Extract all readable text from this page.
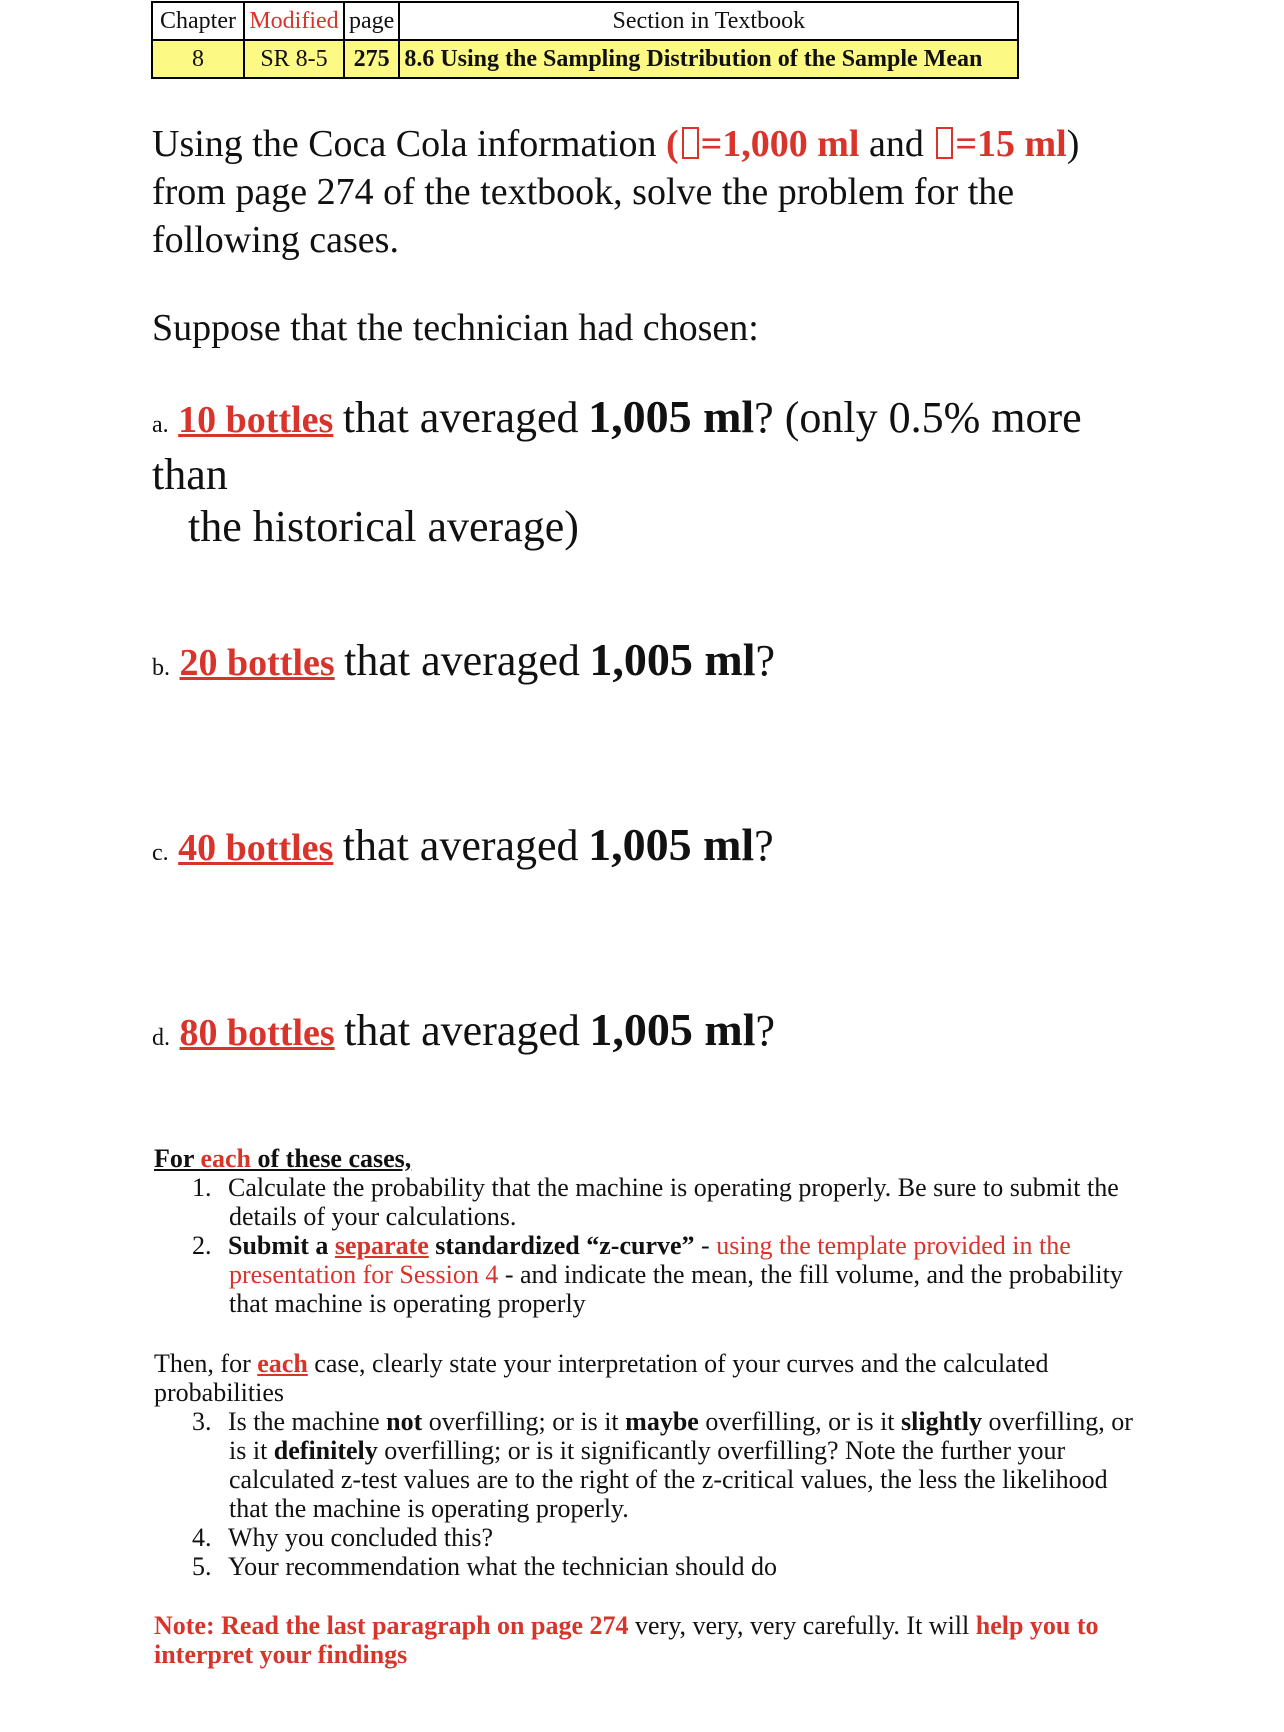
Chapter	Modified	page	Section in Textbook
8	SR 8-5	275	8.6 Using the Sampling Distribution of the Sample Mean
Using the Coca Cola information ( =1,000 ml and =15 ml)
from page 274 of the textbook, solve the problem for the following cases.
Suppose that the technician had chosen:
a. 10 bottles that averaged 1,005 ml? (only 0.5% more than
the historical average)
b. 20 bottles that averaged 1,005 ml?
c. 40 bottles that averaged 1,005 ml?
d. 80 bottles that averaged 1,005 ml?
For each of these cases,
1. Calculate the probability that the machine is operating properly. Be sure to submit the details of your calculations.
2. Submit a separate standardized “z-curve” - using the template provided in the presentation for Session 4 - and indicate the mean, the fill volume, and the probability that machine is operating properly
Then, for each case, clearly state your interpretation of your curves and the calculated probabilities
3. Is the machine not overfilling; or is it maybe overfilling, or is it slightly overfilling, or is it definitely overfilling; or is it significantly overfilling? Note the further your calculated z-test values are to the right of the z-critical values, the less the likelihood that the machine is operating properly.
4. Why you concluded this?
5. Your recommendation what the technician should do
Note: Read the last paragraph on page 274 very, very, very carefully. It will help you to interpret your findings
